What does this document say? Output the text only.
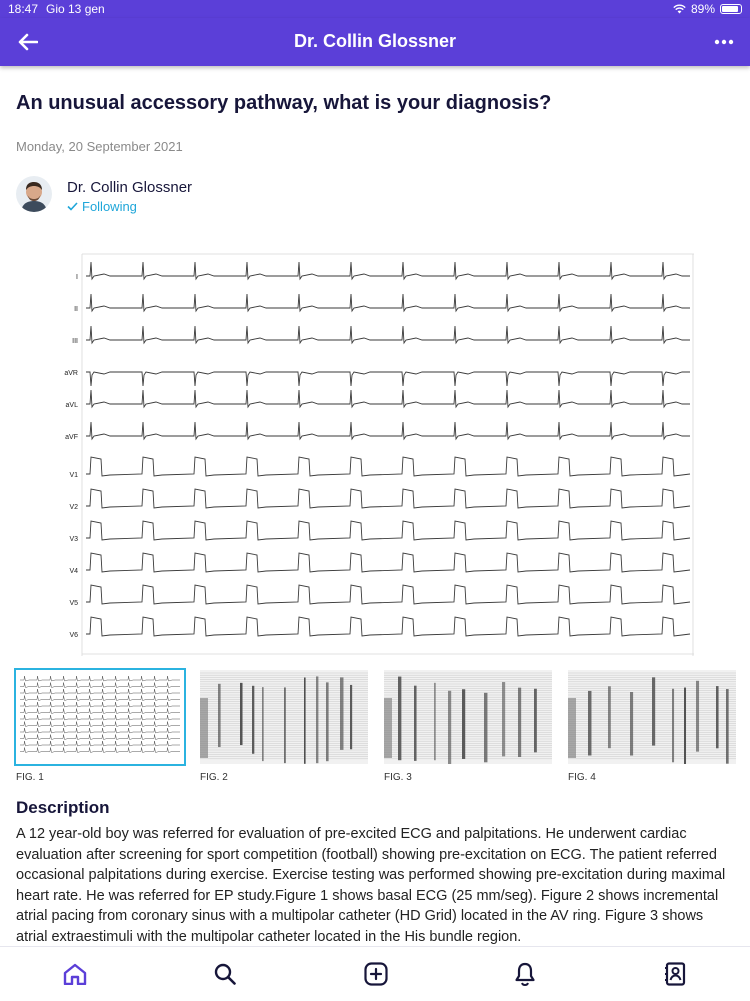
18:47 Gio 13 gen	89%
Dr. Collin Glossner
An unusual accessory pathway, what is your diagnosis?
Monday, 20 September 2021
Dr. Collin Glossner
Following
I
II
III
aVR
aVL
aVF
V1
V2
V3
V4
V5
V6
FIG. 1	FIG. 2	FIG. 3	FIG. 4
Description
A 12 year-old boy was referred for evaluation of pre-excited ECG and palpitations. He underwent cardiac evaluation after screening for sport competition (football) showing pre-excitation on ECG. The patient referred occasional palpitations during exercise. Exercise testing was performed showing pre-excitation during maximal heart rate. He was referred for EP study.Figure 1 shows basal ECG (25 mm/seg). Figure 2 shows incremental atrial pacing from coronary sinus with a multipolar catheter (HD Grid) located in the AV ring. Figure 3 shows atrial extraestimuli with the multipolar catheter located in the His bundle region.
